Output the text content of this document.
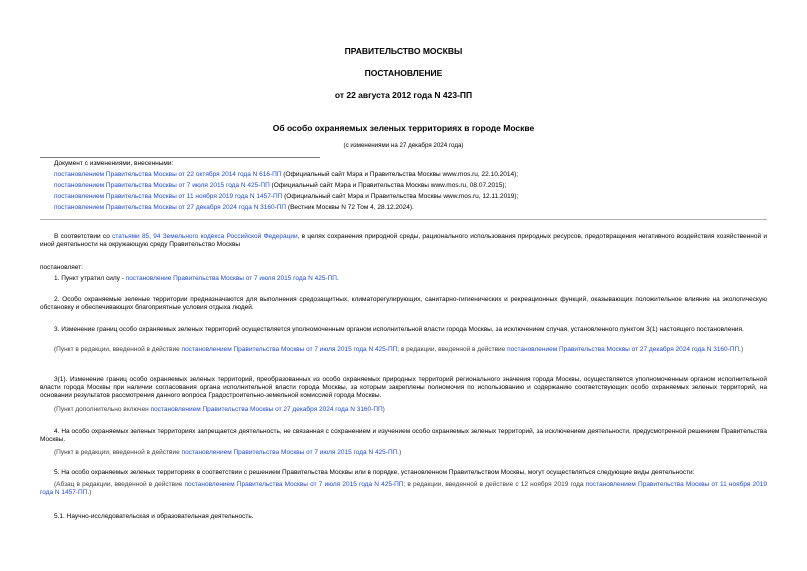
ПРАВИТЕЛЬСТВО МОСКВЫ
ПОСТАНОВЛЕНИЕ
от 22 августа 2012 года N 423-ПП
Об особо охраняемых зеленых территориях в городе Москве
(с изменениями на 27 декабря 2024 года)
Документ с изменениями, внесенными:
постановлением Правительства Москвы от 22 октября 2014 года N 616-ПП (Официальный сайт Мэра и Правительства Москвы www.mos.ru, 22.10.2014);
постановлением Правительства Москвы от 7 июля 2015 года N 425-ПП (Официальный сайт Мэра и Правительства Москвы www.mos.ru, 08.07.2015);
постановлением Правительства Москвы от 11 ноября 2019 года N 1457-ПП (Официальный сайт Мэра и Правительства Москвы www.mos.ru, 12.11.2019);
постановлением Правительства Москвы от 27 декабря 2024 года N 3160-ПП (Вестник Москвы N 72 Том 4, 28.12.2024).
В соответствии со статьями 85, 94 Земельного кодекса Российской Федерации, в целях сохранения природной среды, рационального использования природных ресурсов, предотвращения негативного воздействия хозяйственной и иной деятельности на окружающую среду Правительство Москвы
постановляет:
1. Пункт утратил силу - постановление Правительства Москвы от 7 июля 2015 года N 425-ПП.
2. Особо охраняемые зеленые территории предназначаются для выполнения средозащитных, климаторегулирующих, санитарно-гигиенических и рекреационных функций, оказывающих положительное влияние на экологическую обстановку и обеспечивающих благоприятные условия отдыха людей.
3. Изменение границ особо охраняемых зеленых территорий осуществляется уполномоченным органом исполнительной власти города Москвы, за исключением случая, установленного пунктом 3(1) настоящего постановления.
(Пункт в редакции, введенной в действие постановлением Правительства Москвы от 7 июля 2015 года N 425-ПП; в редакции, введенной в действие постановлением Правительства Москвы от 27 декабря 2024 года N 3160-ПП.)
3(1). Изменение границ особо охраняемых зеленых территорий, преобразованных из особо охраняемых природных территорий регионального значения города Москвы, осуществляется уполномоченным органом исполнительной власти города Москвы при наличии согласования органа исполнительной власти города Москвы, за которым закреплены полномочия по использованию и содержанию соответствующих особо охраняемых зеленых территорий, на основании результатов рассмотрения данного вопроса Градостроительно-земельной комиссией города Москвы.
(Пункт дополнительно включен постановлением Правительства Москвы от 27 декабря 2024 года N 3160-ПП)
4. На особо охраняемых зеленых территориях запрещается деятельность, не связанная с сохранением и изучением особо охраняемых зеленых территорий, за исключением деятельности, предусмотренной решением Правительства Москвы.
(Пункт в редакции, введенной в действие постановлением Правительства Москвы от 7 июля 2015 года N 425-ПП.)
5. На особо охраняемых зеленых территориях в соответствии с решением Правительства Москвы или в порядке, установленном Правительством Москвы, могут осуществляться следующие виды деятельности:
(Абзац в редакции, введенной в действие постановлением Правительства Москвы от 7 июля 2015 года N 425-ПП; в редакции, введенной в действие с 12 ноября 2019 года постановлением Правительства Москвы от 11 ноября 2019 года N 1457-ПП.)
5.1. Научно-исследовательская и образовательная деятельность.
